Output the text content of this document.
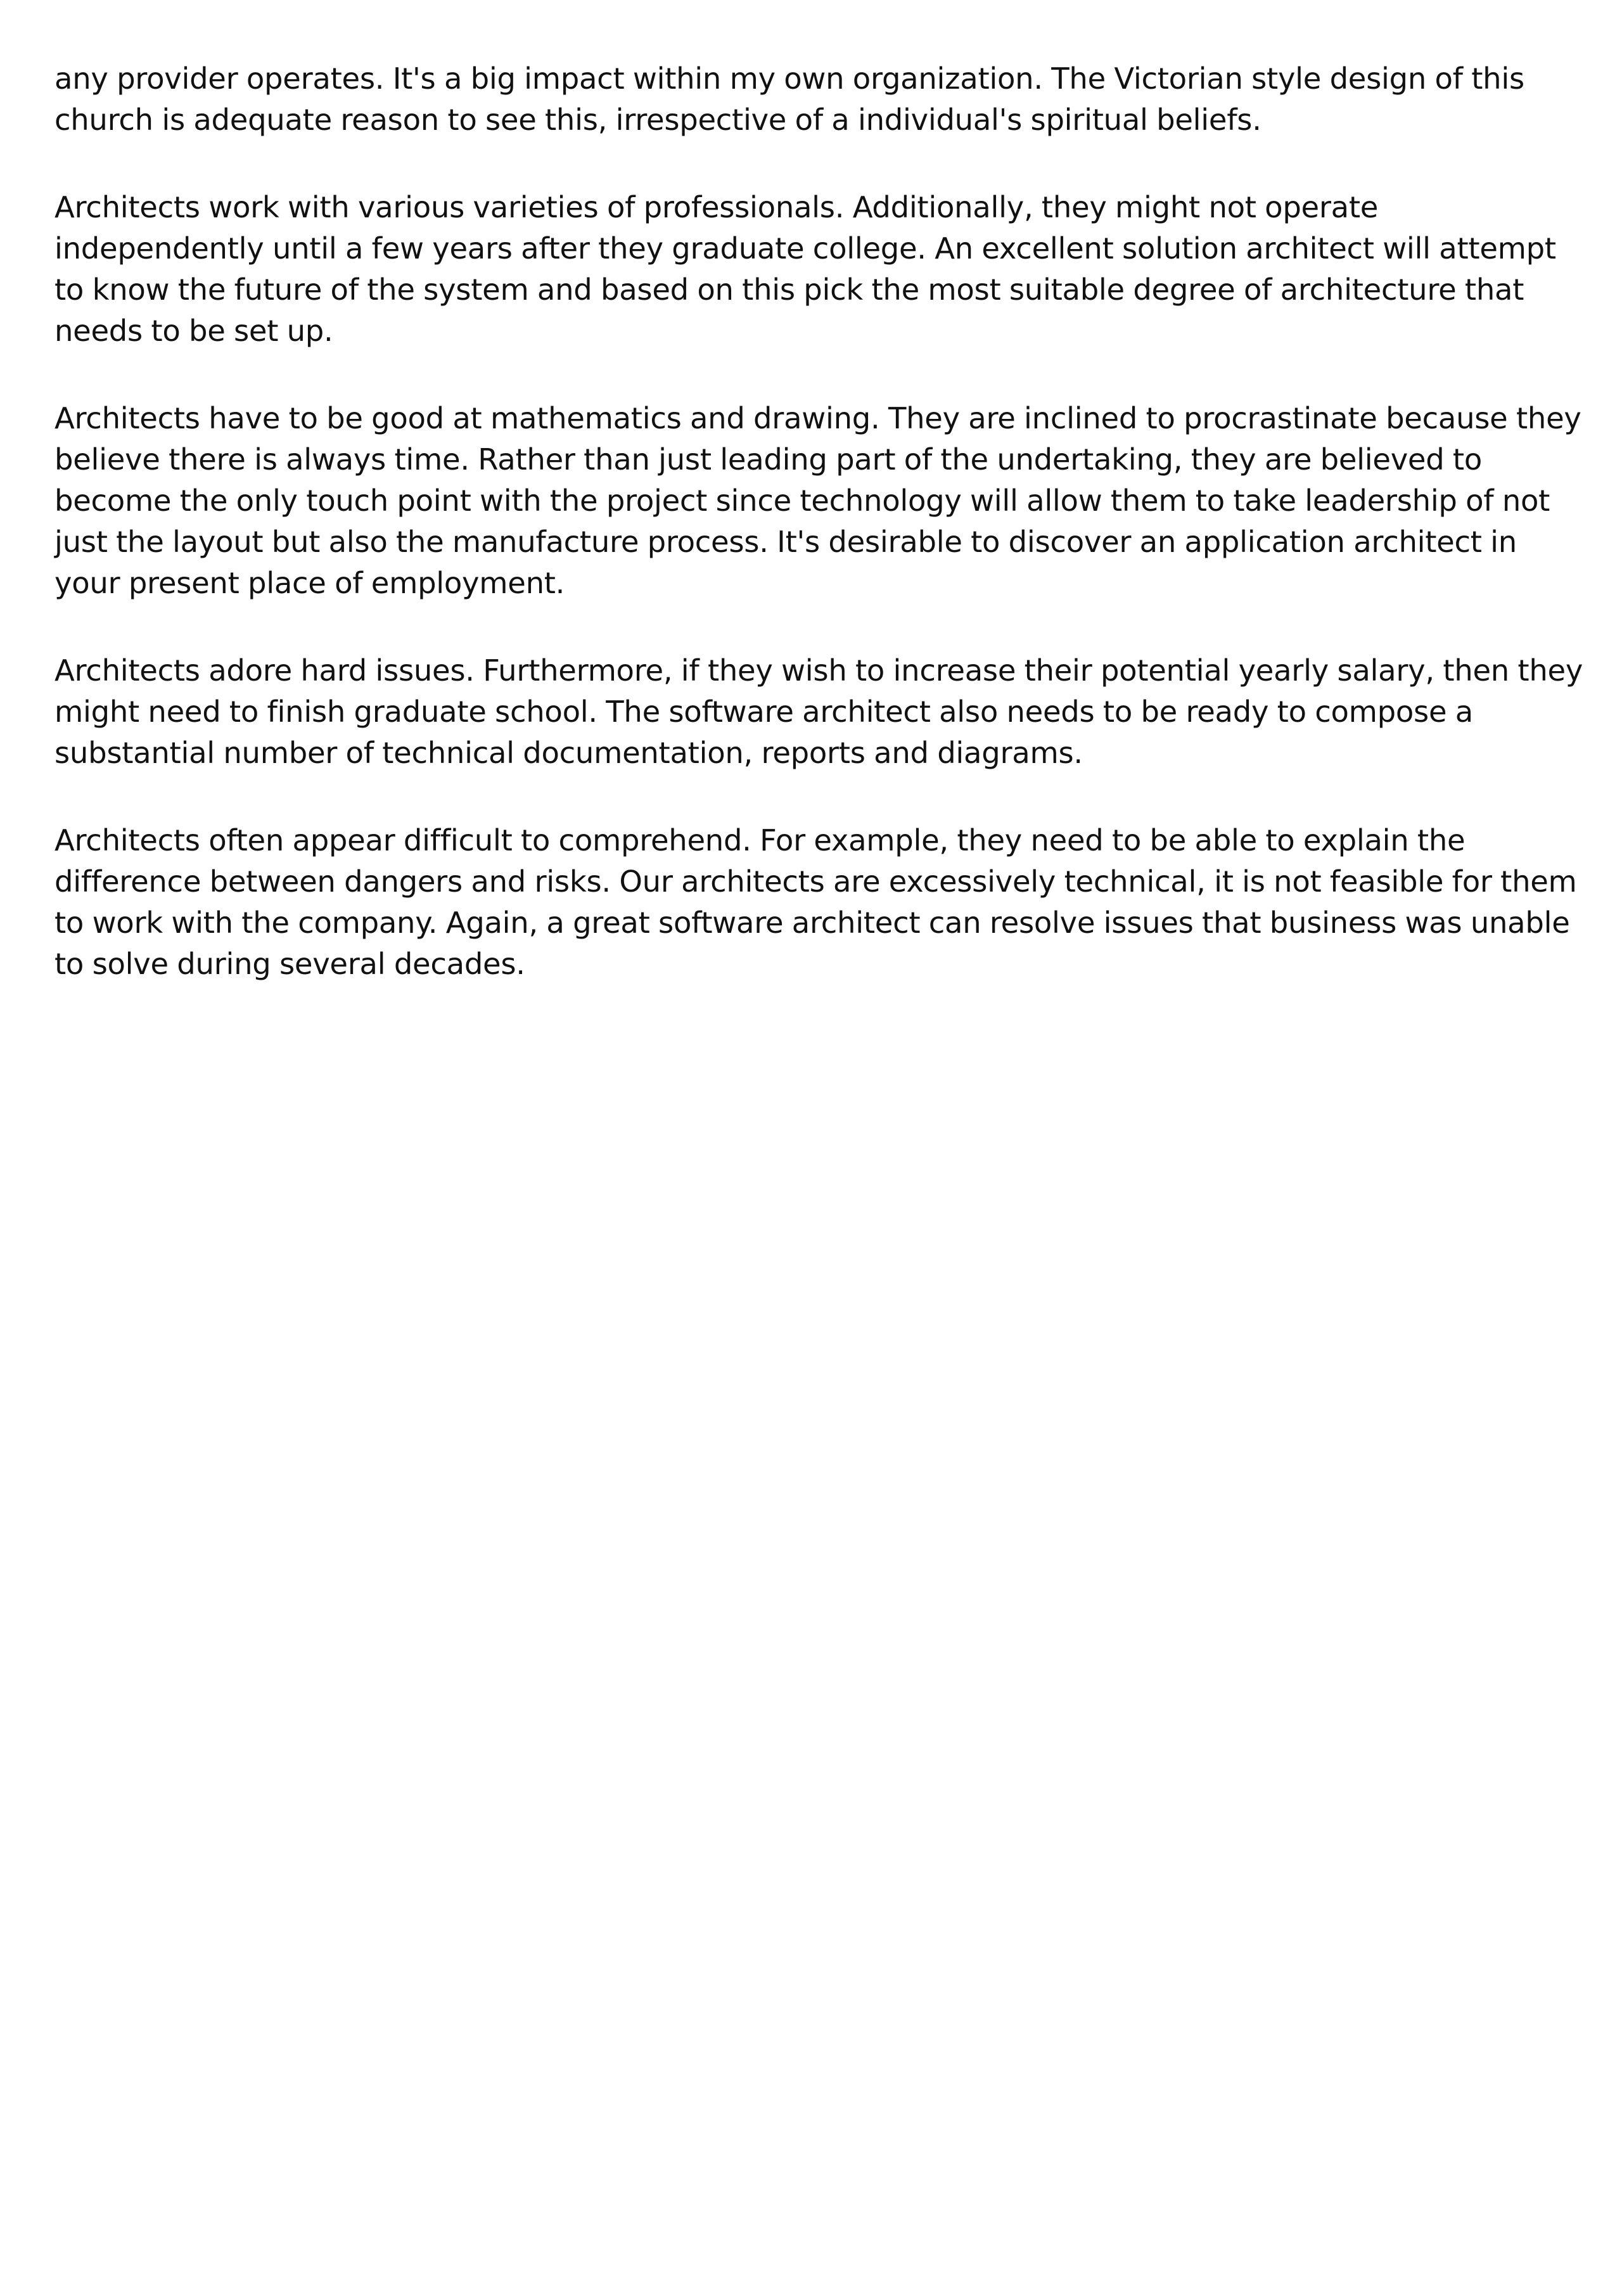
any provider operates. It's a big impact within my own organization. The Victorian style design of this church is adequate reason to see this, irrespective of a individual's spiritual beliefs.

Architects work with various varieties of professionals. Additionally, they might not operate independently until a few years after they graduate college. An excellent solution architect will attempt to know the future of the system and based on this pick the most suitable degree of architecture that needs to be set up.

Architects have to be good at mathematics and drawing. They are inclined to procrastinate because they believe there is always time. Rather than just leading part of the undertaking, they are believed to become the only touch point with the project since technology will allow them to take leadership of not just the layout but also the manufacture process. It's desirable to discover an application architect in your present place of employment.

Architects adore hard issues. Furthermore, if they wish to increase their potential yearly salary, then they might need to finish graduate school. The software architect also needs to be ready to compose a substantial number of technical documentation, reports and diagrams.

Architects often appear difficult to comprehend. For example, they need to be able to explain the difference between dangers and risks. Our architects are excessively technical, it is not feasible for them to work with the company. Again, a great software architect can resolve issues that business was unable to solve during several decades.
